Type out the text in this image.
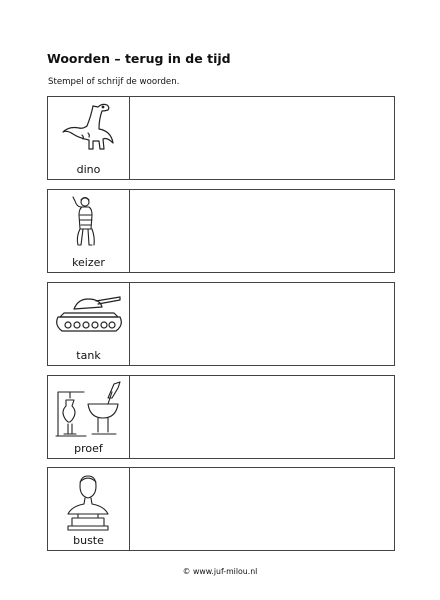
Woorden – terug in de tijd
Stempel of schrijf de woorden.
dino
keizer
tank
proef
buste
© www.juf-milou.nl
